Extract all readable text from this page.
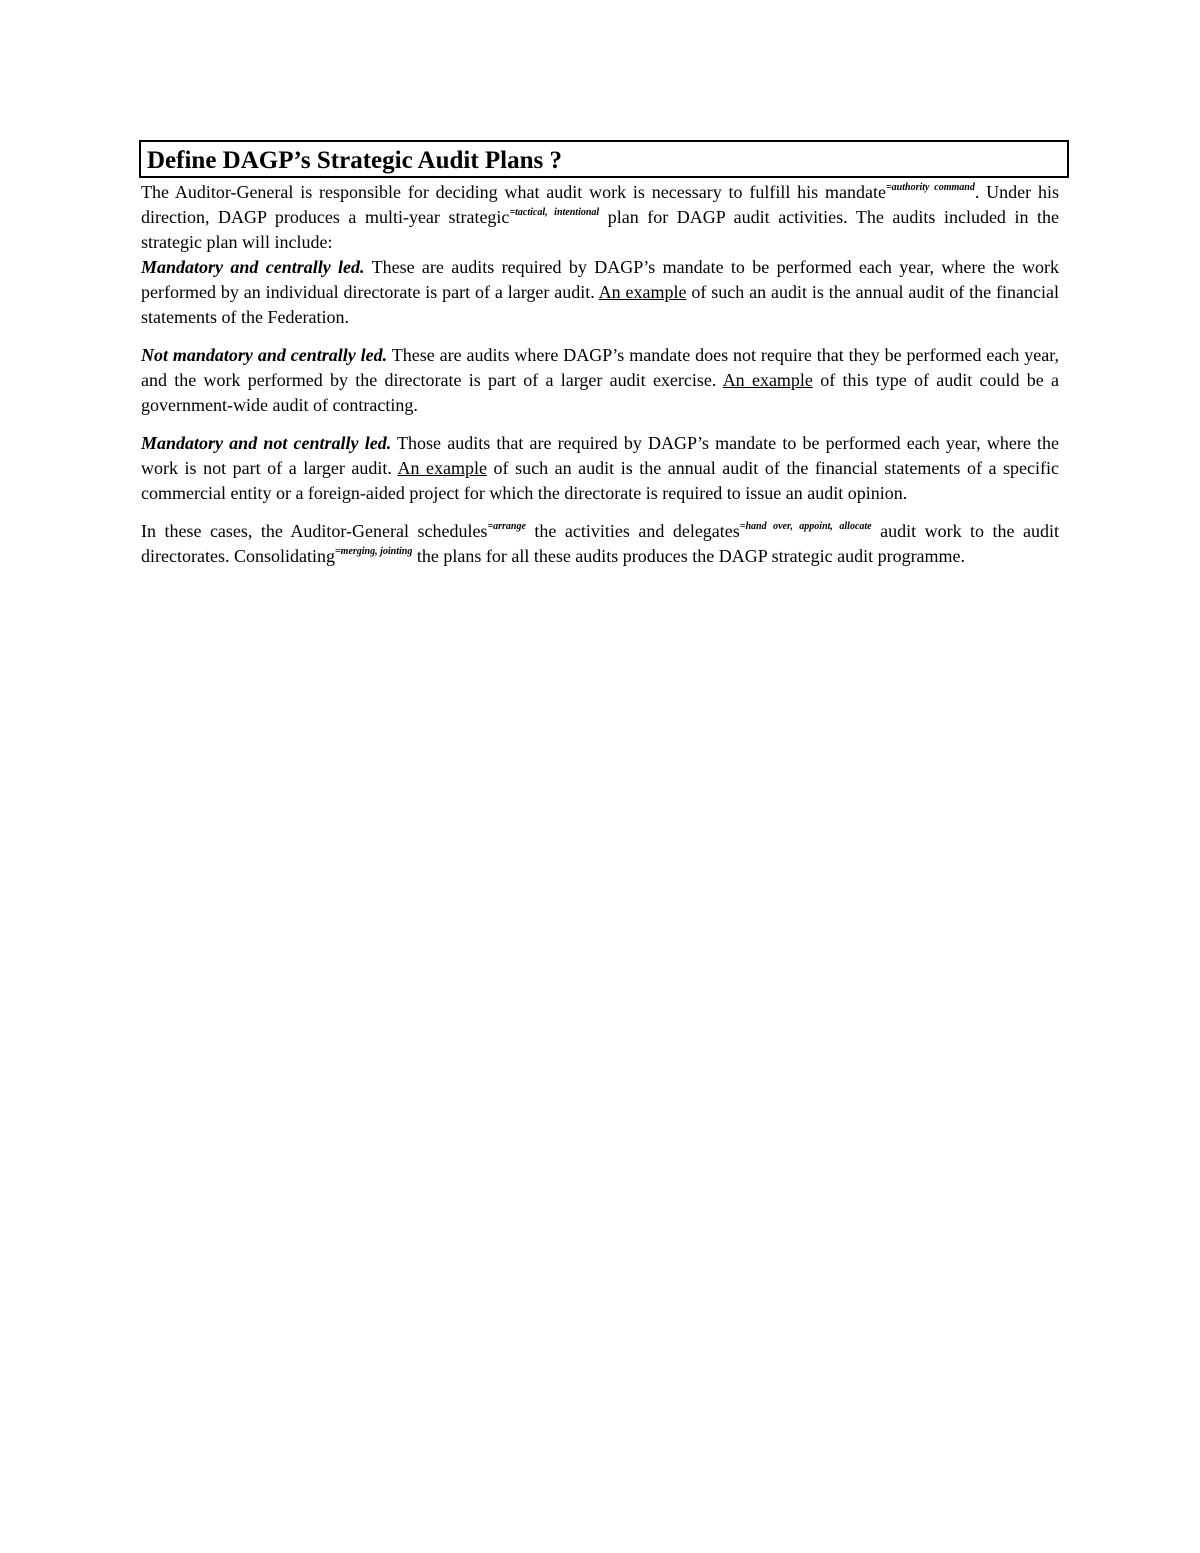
Define DAGP’s Strategic Audit Plans ?

The Auditor-General is responsible for deciding what audit work is necessary to fulfill his mandate$^{=authority command}$. Under his direction, DAGP produces a multi-year strategic$^{=tactical, intentional}$ plan for DAGP audit activities. The audits included in the strategic plan will include:

Mandatory and centrally led. These are audits required by DAGP’s mandate to be performed each year, where the work performed by an individual directorate is part of a larger audit. An example of such an audit is the annual audit of the financial statements of the Federation.

Not mandatory and centrally led. These are audits where DAGP’s mandate does not require that they be performed each year, and the work performed by the directorate is part of a larger audit exercise. An example of this type of audit could be a government-wide audit of contracting.

Mandatory and not centrally led. Those audits that are required by DAGP’s mandate to be performed each year, where the work is not part of a larger audit. An example of such an audit is the annual audit of the financial statements of a specific commercial entity or a foreign-aided project for which the directorate is required to issue an audit opinion.

In these cases, the Auditor-General schedules$^{=arrange}$ the activities and delegates$^{=hand over, appoint, allocate}$ audit work to the audit directorates. Consolidating$^{=merging, jointing}$ the plans for all these audits produces the DAGP strategic audit programme.
